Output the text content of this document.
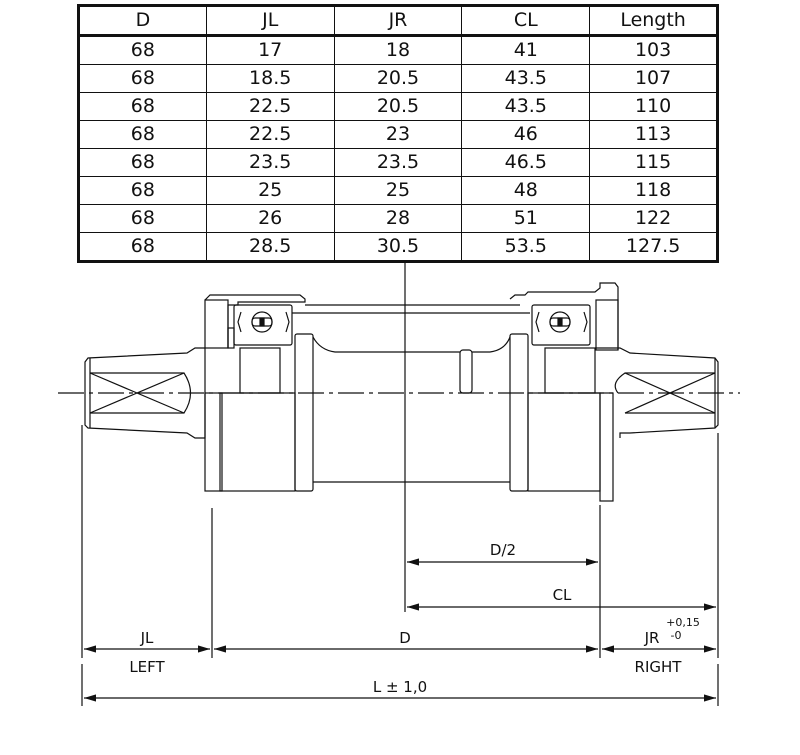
D	JL	JR	CL	Length
68	17	18	41	103
68	18.5	20.5	43.5	107
68	22.5	20.5	43.5	110
68	22.5	23	46	113
68	23.5	23.5	46.5	115
68	25	25	48	118
68	26	28	51	122
68	28.5	30.5	53.5	127.5
D/2
CL
JL	D	JR
+0,15
-0
LEFT	RIGHT
L ± 1,0
